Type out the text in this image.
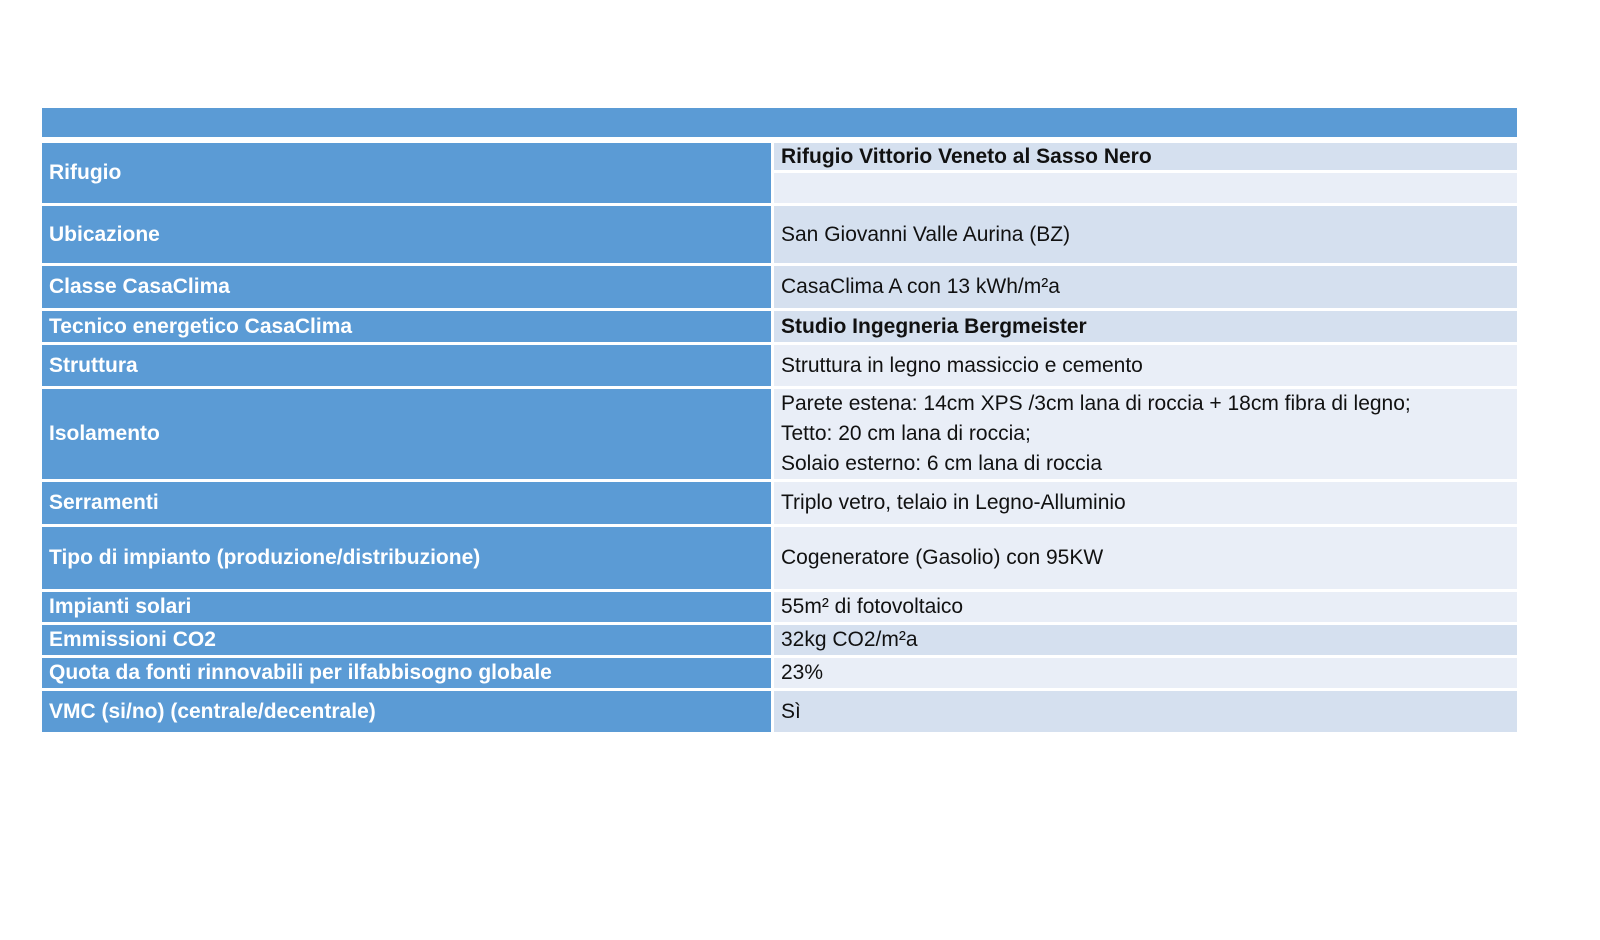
Rifugio	Rifugio Vittorio Veneto al Sasso Nero

Ubicazione	San Giovanni Valle Aurina (BZ)
Classe CasaClima	CasaClima A con 13 kWh/m²a
Tecnico energetico CasaClima	Studio Ingegneria Bergmeister
Struttura	Struttura in legno massiccio e cemento
Isolamento	Parete estena: 14cm XPS /3cm lana di roccia + 18cm fibra di legno;
Tetto: 20 cm lana di roccia;
Solaio esterno: 6 cm lana di roccia

Serramenti	Triplo vetro, telaio in Legno-Alluminio
Tipo di impianto (produzione/distribuzione)	Cogeneratore (Gasolio) con 95KW
Impianti solari	55m² di fotovoltaico
Emmissioni CO2	32kg CO2/m²a
Quota da fonti rinnovabili per ilfabbisogno globale	23%
VMC (si/no) (centrale/decentrale)	Sì
